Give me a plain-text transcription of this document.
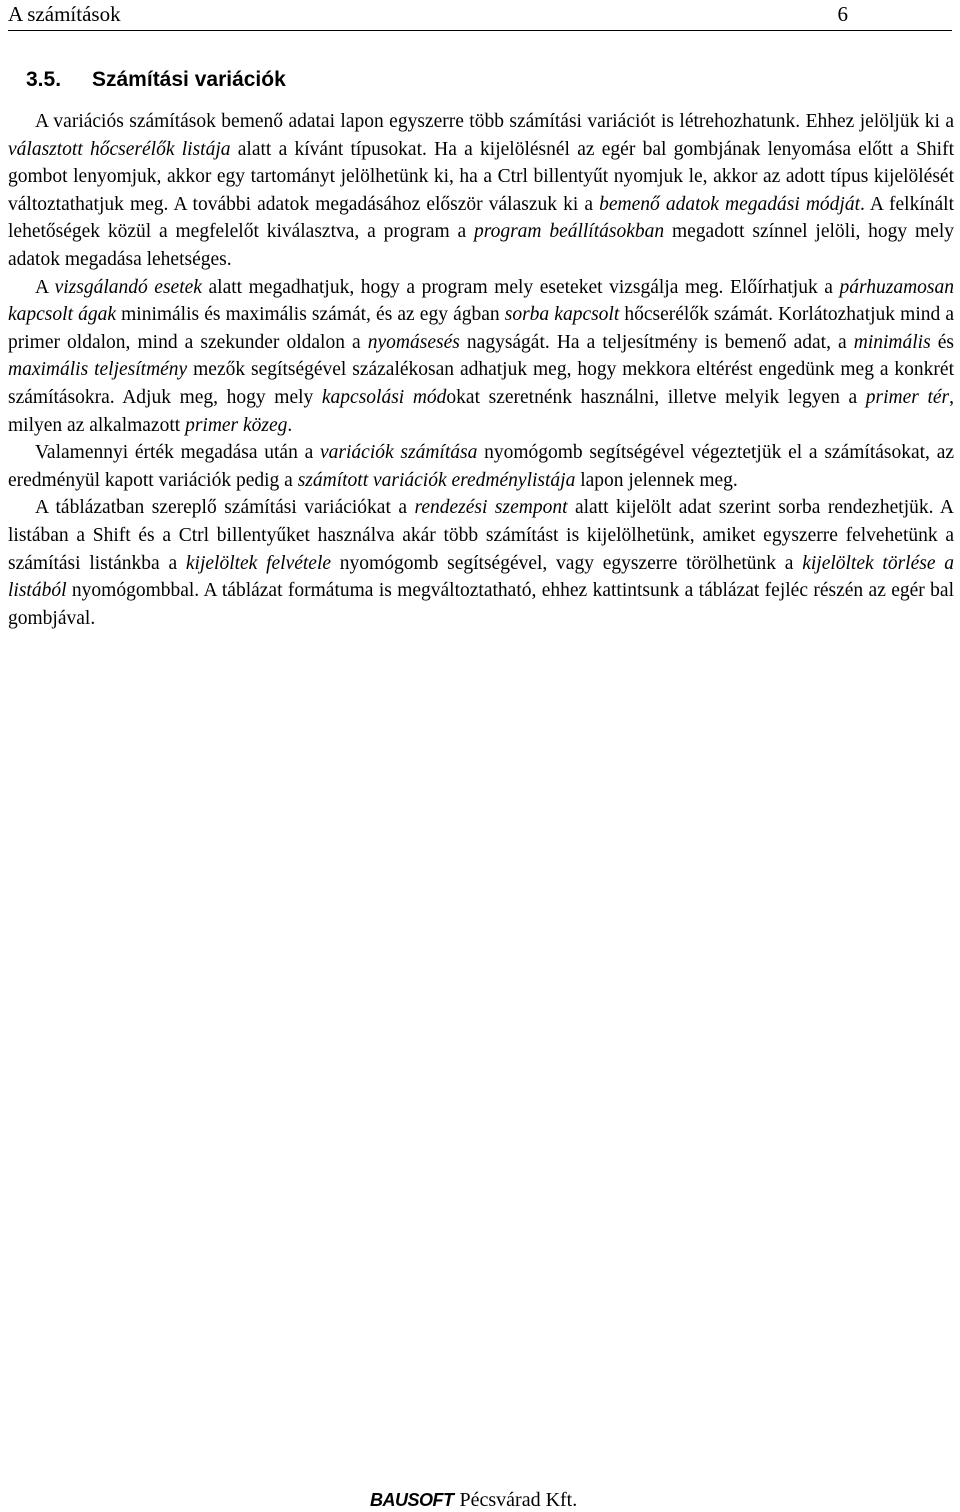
A számítások	6
3.5. Számítási variációk

A variációs számítások bemenő adatai lapon egyszerre több számítási variációt is létrehozhatunk. Ehhez jelöljük ki a választott hőcserélők listája alatt a kívánt típusokat. Ha a kijelölésnél az egér bal gombjának lenyomása előtt a Shift gombot lenyomjuk, akkor egy tartományt jelölhetünk ki, ha a Ctrl billentyűt nyomjuk le, akkor az adott típus kijelölését változtathatjuk meg. A további adatok megadásához először válaszuk ki a bemenő adatok megadási módját. A felkínált lehetőségek közül a megfelelőt kiválasztva, a program a program beállításokban megadott színnel jelöli, hogy mely adatok megadása lehetséges.

A vizsgálandó esetek alatt megadhatjuk, hogy a program mely eseteket vizsgálja meg. Előírhatjuk a párhuzamosan kapcsolt ágak minimális és maximális számát, és az egy ágban sorba kapcsolt hőcserélők számát. Korlátozhatjuk mind a primer oldalon, mind a szekunder oldalon a nyomásesés nagyságát. Ha a teljesítmény is bemenő adat, a minimális és maximális teljesítmény mezők segítségével százalékosan adhatjuk meg, hogy mekkora eltérést engedünk meg a konkrét számításokra. Adjuk meg, hogy mely kapcsolási módokat szeretnénk használni, illetve melyik legyen a primer tér, milyen az alkalmazott primer közeg.

Valamennyi érték megadása után a variációk számítása nyomógomb segítségével végeztetjük el a számításokat, az eredményül kapott variációk pedig a számított variációk eredménylistája lapon jelennek meg.

A táblázatban szereplő számítási variációkat a rendezési szempont alatt kijelölt adat szerint sorba rendezhetjük. A listában a Shift és a Ctrl billentyűket használva akár több számítást is kijelölhetünk, amiket egyszerre felvehetünk a számítási listánkba a kijelöltek felvétele nyomógomb segítségével, vagy egyszerre törölhetünk a kijelöltek törlése a listából nyomógombbal. A táblázat formátuma is megváltoztatható, ehhez kattintsunk a táblázat fejléc részén az egér bal gombjával.

BAUSOFT Pécsvárad Kft.
